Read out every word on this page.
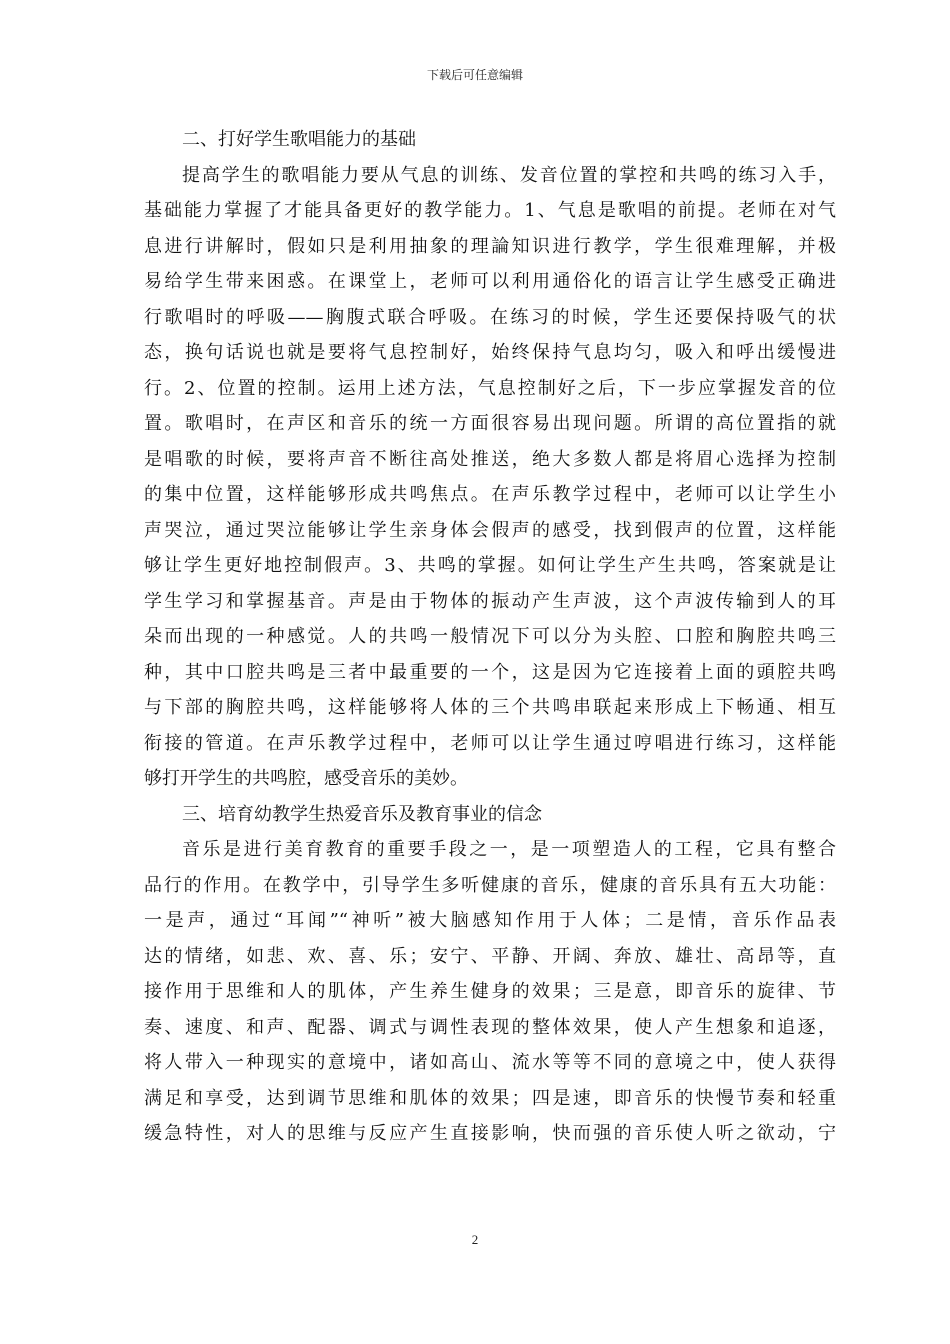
下载后可任意编辑
二、打好学生歌唱能力的基础
提高学生的歌唱能力要从气息的训练、发音位置的掌控和共鸣的练习入手，
基础能力掌握了才能具备更好的教学能力。1、气息是歌唱的前提。老师在对气
息进行讲解时，假如只是利用抽象的理論知识进行教学，学生很难理解，并极
易给学生带来困惑。在课堂上，老师可以利用通俗化的语言让学生感受正确进
行歌唱时的呼吸——胸腹式联合呼吸。在练习的时候，学生还要保持吸气的状
态，换句话说也就是要将气息控制好，始终保持气息均匀，吸入和呼出缓慢进
行。2、位置的控制。运用上述方法，气息控制好之后，下一步应掌握发音的位
置。歌唱时，在声区和音乐的统一方面很容易出现问题。所谓的高位置指的就
是唱歌的时候，要将声音不断往高处推送，绝大多数人都是将眉心选择为控制
的集中位置，这样能够形成共鸣焦点。在声乐教学过程中，老师可以让学生小
声哭泣，通过哭泣能够让学生亲身体会假声的感受，找到假声的位置，这样能
够让学生更好地控制假声。3、共鸣的掌握。如何让学生产生共鸣，答案就是让
学生学习和掌握基音。声是由于物体的振动产生声波，这个声波传输到人的耳
朵而出现的一种感觉。人的共鸣一般情况下可以分为头腔、口腔和胸腔共鸣三
种，其中口腔共鸣是三者中最重要的一个，这是因为它连接着上面的頭腔共鸣
与下部的胸腔共鸣，这样能够将人体的三个共鸣串联起来形成上下畅通、相互
衔接的管道。在声乐教学过程中，老师可以让学生通过哼唱进行练习，这样能
够打开学生的共鸣腔，感受音乐的美妙。
三、培育幼教学生热爱音乐及教育事业的信念
音乐是进行美育教育的重要手段之一，是一项塑造人的工程，它具有整合
品行的作用。在教学中，引导学生多听健康的音乐，健康的音乐具有五大功能：
一是声，通过“耳闻”“神听”被大脑感知作用于人体；二是情，音乐作品表
达的情绪，如悲、欢、喜、乐；安宁、平静、开阔、奔放、雄壮、高昂等，直
接作用于思维和人的肌体，产生养生健身的效果；三是意，即音乐的旋律、节
奏、速度、和声、配器、调式与调性表现的整体效果，使人产生想象和追逐，
将人带入一种现实的意境中，诸如高山、流水等等不同的意境之中，使人获得
满足和享受，达到调节思维和肌体的效果；四是速，即音乐的快慢节奏和轻重
缓急特性，对人的思维与反应产生直接影响，快而强的音乐使人听之欲动，宁
2
